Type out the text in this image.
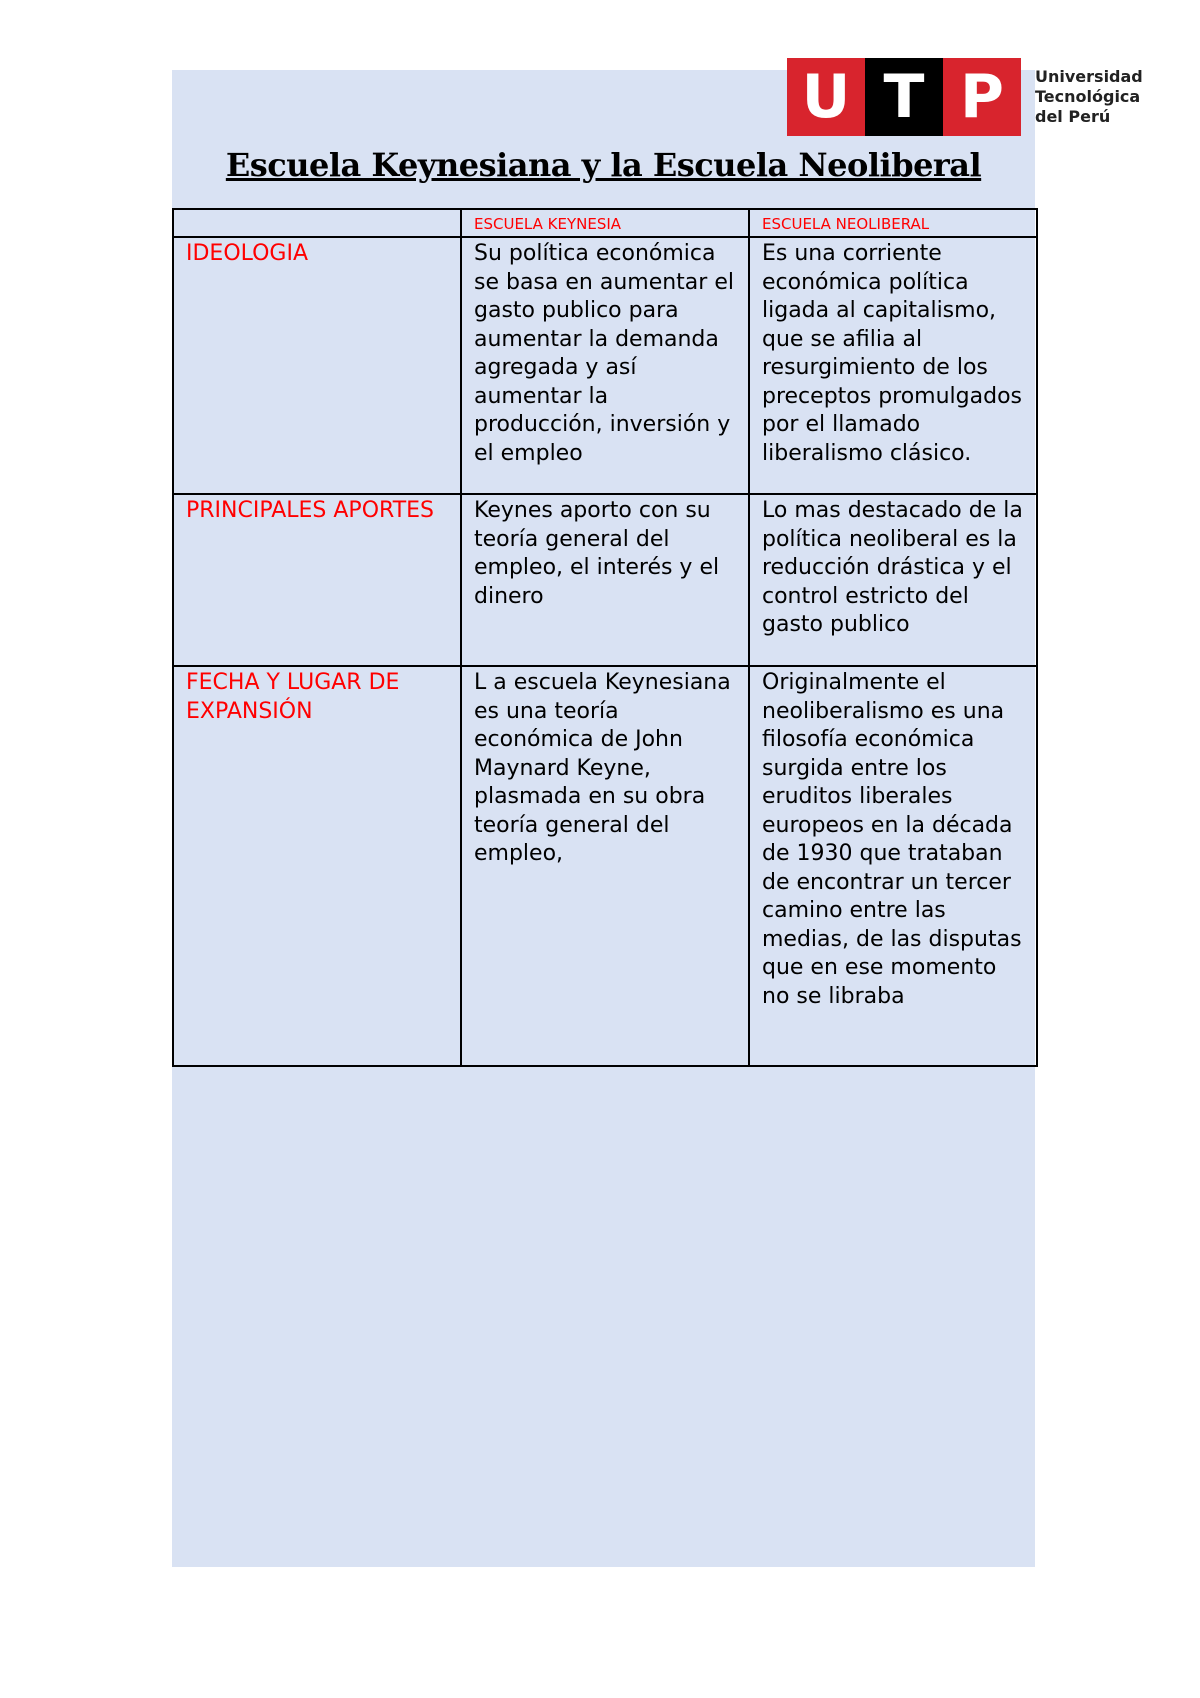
U T P	Universidad
Tecnológica
del Perú
Escuela Keynesiana y la Escuela Neoliberal
	ESCUELA KEYNESIA	ESCUELA NEOLIBERAL
IDEOLOGIA	Su política económica se basa en aumentar el gasto publico para aumentar la demanda agregada y así aumentar la producción, inversión y el empleo	Es una corriente económica política ligada al capitalismo, que se afilia al resurgimiento de los preceptos promulgados por el llamado liberalismo clásico.
PRINCIPALES APORTES	Keynes aporto con su teoría general del empleo, el interés y el dinero	Lo mas destacado de la política neoliberal es la reducción drástica y el control estricto del gasto publico
FECHA Y LUGAR DE EXPANSIÓN	L a escuela Keynesiana es una teoría económica de John Maynard Keyne, plasmada en su obra teoría general del empleo,	Originalmente el neoliberalismo es una filosofía económica surgida entre los eruditos liberales europeos en la década de 1930 que trataban de encontrar un tercer camino entre las medias, de las disputas que en ese momento no se libraba
